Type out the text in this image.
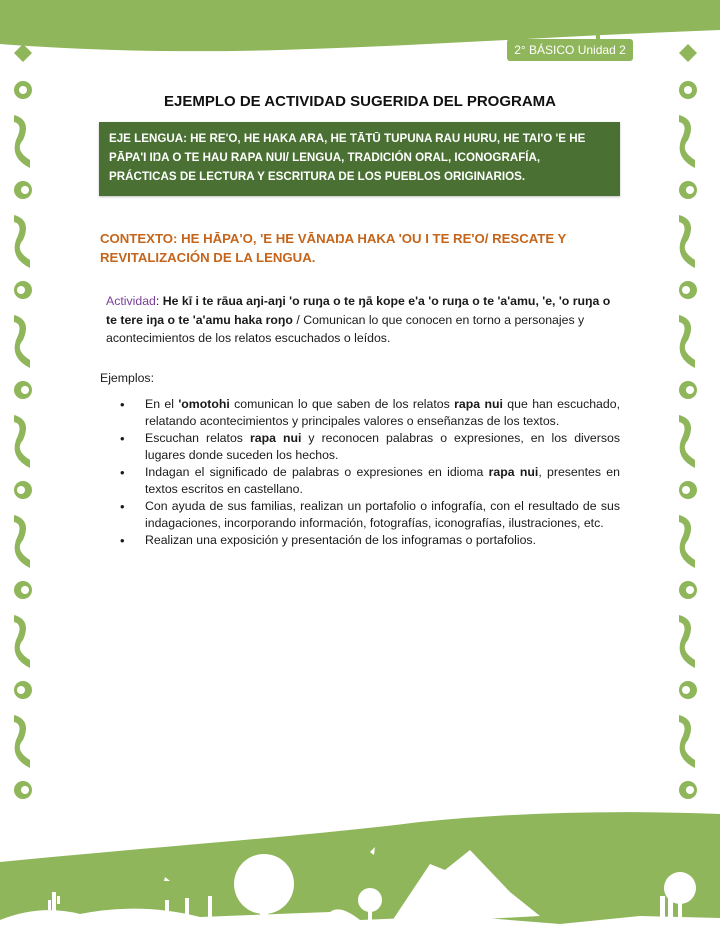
2° BÁSICO Unidad 2
EJEMPLO DE ACTIVIDAD SUGERIDA DEL PROGRAMA
EJE LENGUA: HE RE'O, HE HAKA ARA, HE TĀTŪ TUPUNA RAU HURU, HE TAI'O 'E HE PĀPA'I IŊA O TE HAU RAPA NUI/ LENGUA, TRADICIÓN ORAL, ICONOGRAFÍA, PRÁCTICAS DE LECTURA Y ESCRITURA DE LOS PUEBLOS ORIGINARIOS.
CONTEXTO: HE HĀPA'O, 'E HE VĀNAŊA HAKA 'OU I TE RE'O/ RESCATE Y REVITALIZACIÓN DE LA LENGUA.
Actividad: He kī i te rāua aŋi-aŋi 'o ruŋa o te ŋā kope e'a 'o ruŋa o te 'a'amu, 'e, 'o ruŋa o te tere iŋa o te 'a'amu haka roŋo / Comunican lo que conocen en torno a personajes y acontecimientos de los relatos escuchados o leídos.
Ejemplos:
• En el 'omotohi comunican lo que saben de los relatos rapa nui que han escuchado, relatando acontecimientos y principales valores o enseñanzas de los textos.
• Escuchan relatos rapa nui y reconocen palabras o expresiones, en los diversos lugares donde suceden los hechos.
• Indagan el significado de palabras o expresiones en idioma rapa nui, presentes en textos escritos en castellano.
• Con ayuda de sus familias, realizan un portafolio o infografía, con el resultado de sus indagaciones, incorporando información, fotografías, iconografías, ilustraciones, etc.
• Realizan una exposición y presentación de los infogramas o portafolios.
